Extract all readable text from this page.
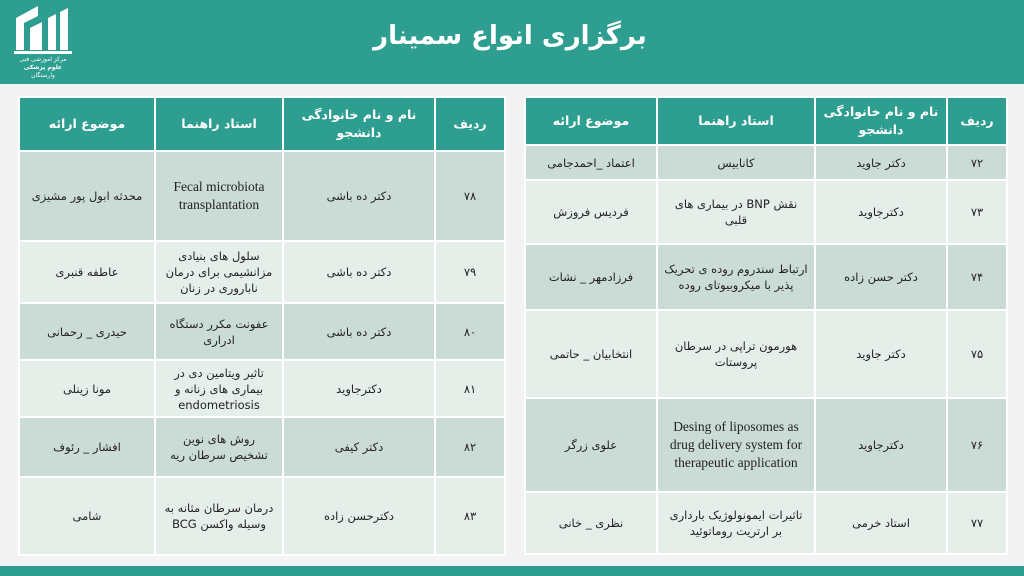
مرکز آموزشی فنی
علوم پزشکی
وارستگان
برگزاری انواع سمینار
ردیف	نام و نام خانوادگی دانشجو	استاد راهنما	موضوع ارائه
۷۲	دکتر جاوید	کانابیس	اعتماد _احمدجامی
۷۳	دکترجاوید	نقش BNP در بیماری های قلبی	فردیس فروزش
۷۴	دکتر حسن زاده	ارتباط سندروم روده ی تحریک پذیر با میکروبیوتای روده	فرزادمهر _ نشات
۷۵	دکتر جاوید	هورمون تراپی در سرطان پروستات	انتخابیان _ حاتمی
۷۶	دکترجاوید	Desing of liposomes as drug delivery system for therapeutic application	علوی زرگر
۷۷	استاد خرمی	تاثیرات ایمونولوژیک بارداری بر ارتریت روماتوئید	نظری _ خانی
ردیف	نام و نام خانوادگی دانشجو	استاد راهنما	موضوع ارائه
۷۸	دکتر ده باشی	Fecal microbiota transplantation	محدثه ابول پور مشیزی
۷۹	دکتر ده باشی	سلول های بنیادی مزانشیمی برای درمان ناباروری در زنان	عاطفه قنبری
۸۰	دکتر ده باشی	عفونت مکرر دستگاه ادراری	حیدری _ رحمانی
۸۱	دکترجاوید	تاثیر ویتامین دی در بیماری های زنانه و endometriosis	مونا زینلی
۸۲	دکتر کیفی	روش های نوین تشخیص سرطان ریه	افشار _ رئوف
۸۳	دکترحسن زاده	درمان سرطان مثانه به وسیله واکسن BCG	شامی
